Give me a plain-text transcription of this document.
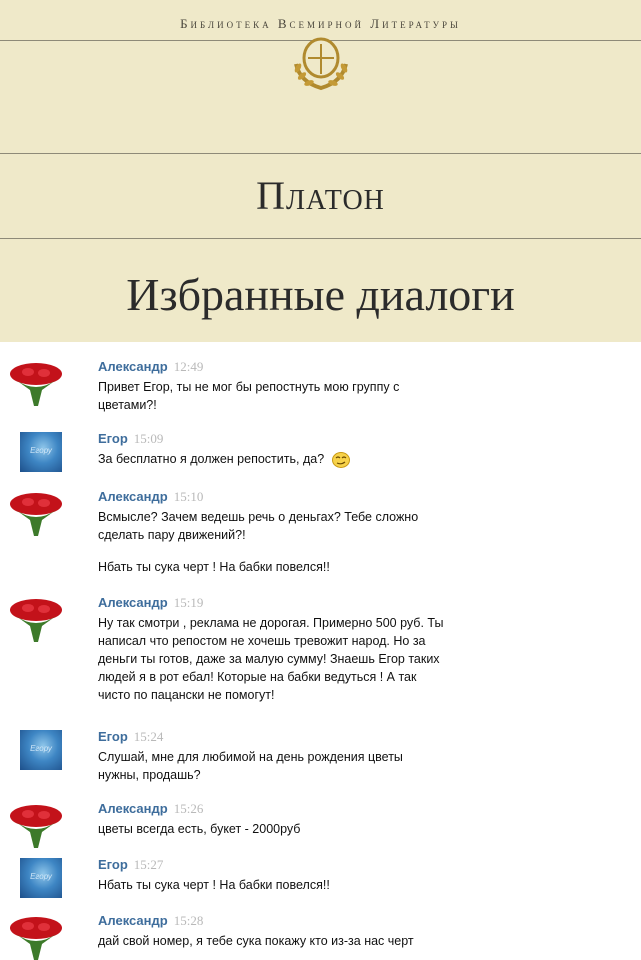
Библиотека Всемирной Литературы
Платон
Избранные диалоги
Александр 12:49
Привет Егор, ты не мог бы репостнуть мою группу с
цветами?!
Егору
Егор 15:09
За бесплатно я должен репостить, да?
Александр 15:10
Всмысле? Зачем ведешь речь о деньгах? Тебе сложно
сделать пару движений?!
Нбать ты сука черт ! На бабки повелся!!
Александр 15:19
Ну так смотри , реклама не дорогая. Примерно 500 руб. Ты
написал что репостом не хочешь тревожит народ. Но за
деньги ты готов, даже за малую сумму! Знаешь Егор таких
людей я в рот ебал! Которые на бабки ведуться ! А так
чисто по пацански не помогут!
Егору
Егор 15:24
Слушай, мне для любимой на день рождения цветы
нужны, продашь?
Александр 15:26
цветы всегда есть, букет - 2000руб
Егору
Егор 15:27
Нбать ты сука черт ! На бабки повелся!!
Александр 15:28
дай свой номер, я тебе сука покажу кто из-за нас черт
